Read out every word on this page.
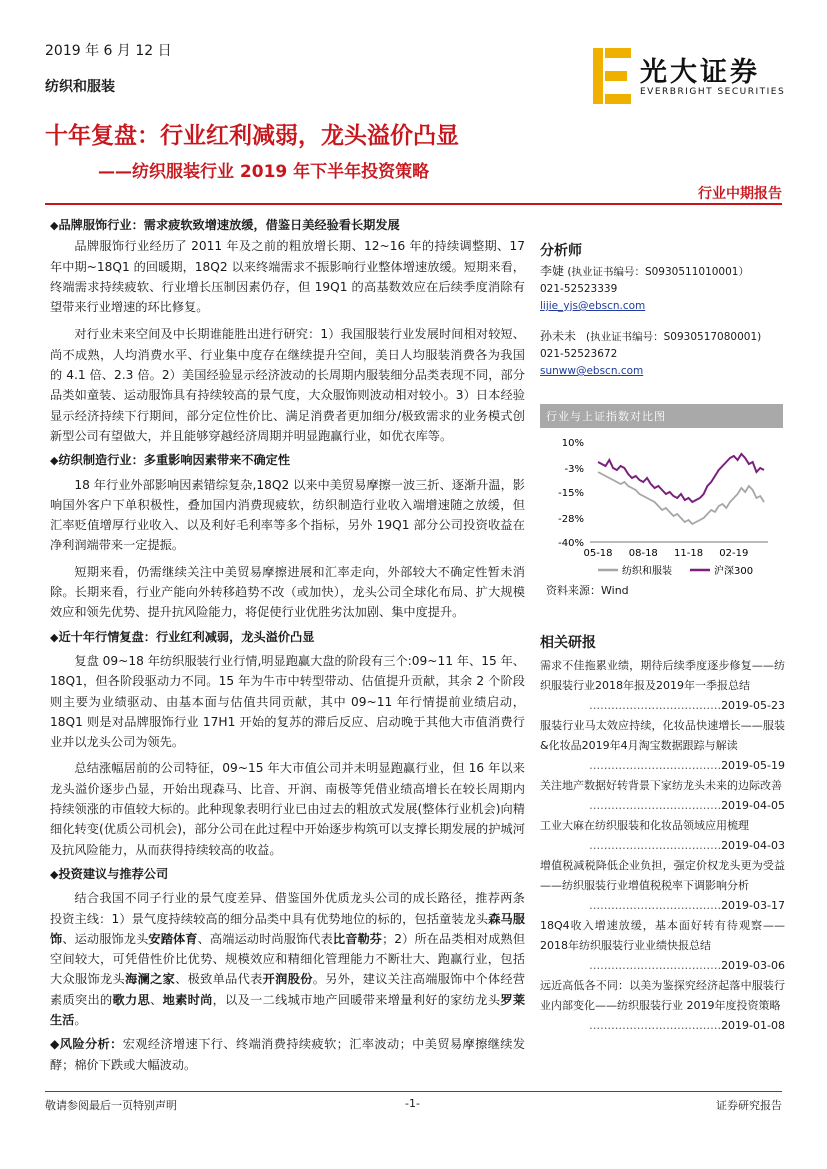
2019 年 6 月 12 日
纺织和服装	光大证券
EVERBRIGHT SECURITIES
十年复盘：行业红利减弱，龙头溢价凸显
——纺织服装行业 2019 年下半年投资策略
行业中期报告

◆品牌服饰行业：需求疲软致增速放缓，借鉴日美经验看长期发展

品牌服饰行业经历了 2011 年及之前的粗放增长期、12~16 年的持续调整期、17 年中期~18Q1 的回暖期，18Q2 以来终端需求不振影响行业整体增速放缓。短期来看，终端需求持续疲软、行业增长压制因素仍存，但 19Q1 的高基数效应在后续季度消除有望带来行业增速的环比修复。

对行业未来空间及中长期谁能胜出进行研究：1）我国服装行业发展时间相对较短、尚不成熟，人均消费水平、行业集中度存在继续提升空间，美日人均服装消费各为我国的 4.1 倍、2.3 倍。2）美国经验显示经济波动的长周期内服装细分品类表现不同，部分品类如童装、运动服饰具有持续较高的景气度，大众服饰则波动相对较小。3）日本经验显示经济持续下行期间，部分定位性价比、满足消费者更加细分/极致需求的业务模式创新型公司有望做大，并且能够穿越经济周期并明显跑赢行业，如优衣库等。

◆纺织制造行业：多重影响因素带来不确定性

18 年行业外部影响因素错综复杂,18Q2 以来中美贸易摩擦一波三折、逐渐升温，影响国外客户下单积极性，叠加国内消费现疲软，纺织制造行业收入端增速随之放缓，但汇率贬值增厚行业收入、以及利好毛利率等多个指标，另外 19Q1 部分公司投资收益在净利润端带来一定提振。

短期来看，仍需继续关注中美贸易摩擦进展和汇率走向，外部较大不确定性暂未消除。长期来看，行业产能向外转移趋势不改（或加快），龙头公司全球化布局、扩大规模效应和领先优势、提升抗风险能力，将促使行业优胜劣汰加剧、集中度提升。

◆近十年行情复盘：行业红利减弱，龙头溢价凸显

复盘 09~18 年纺织服装行业行情,明显跑赢大盘的阶段有三个:09~11 年、15 年、18Q1，但各阶段驱动力不同。15 年为牛市中转型带动、估值提升贡献，其余 2 个阶段则主要为业绩驱动、由基本面与估值共同贡献，其中 09~11 年行情提前业绩启动，18Q1 则是对品牌服饰行业 17H1 开始的复苏的滞后反应、启动晚于其他大市值消费行业并以龙头公司为领先。

总结涨幅居前的公司特征，09~15 年大市值公司并未明显跑赢行业，但 16 年以来龙头溢价逐步凸显，开始出现森马、比音、开润、南极等凭借业绩高增长在较长周期内持续领涨的市值较大标的。此种现象表明行业已由过去的粗放式发展(整体行业机会)向精细化转变(优质公司机会)，部分公司在此过程中开始逐步构筑可以支撑长期发展的护城河及抗风险能力，从而获得持续较高的收益。

◆投资建议与推荐公司

结合我国不同子行业的景气度差异、借鉴国外优质龙头公司的成长路径，推荐两条投资主线：1）景气度持续较高的细分品类中具有优势地位的标的，包括童装龙头森马服饰、运动服饰龙头安踏体育、高端运动时尚服饰代表比音勒芬；2）所在品类相对成熟但空间较大，可凭借性价比优势、规模效应和精细化管理能力不断壮大、跑赢行业，包括大众服饰龙头海澜之家、极致单品代表开润股份。另外，建议关注高端服饰中个体经营素质突出的歌力思、地素时尚，以及一二线城市地产回暖带来增量利好的家纺龙头罗莱生活。

◆风险分析：宏观经济增速下行、终端消费持续疲软；汇率波动；中美贸易摩擦继续发酵；棉价下跌或大幅波动。

分析师
李婕 (执业证书编号：S0930511010001）
021-52523339
lijie_yjs@ebscn.com
孙未未 (执业证书编号：S0930517080001)
021-52523672
sunww@ebscn.com
行业与上证指数对比图
10%
-3%
-15%
-28%
-40%
05-18 08-18 11-18 02-19
纺织和服装	沪深300
资料来源：Wind
相关研报
需求不佳拖累业绩，期待后续季度逐步修复——纺织服装行业2018年报及2019年一季报总结
………………………………2019-05-23
服装行业马太效应持续，化妆品快速增长——服装&化妆品2019年4月淘宝数据跟踪与解读
………………………………2019-05-19
关注地产数据好转背景下家纺龙头未来的边际改善
………………………………2019-04-05
工业大麻在纺织服装和化妆品领域应用梳理
………………………………2019-04-03
增值税减税降低企业负担，强定价权龙头更为受益——纺织服装行业增值税税率下调影响分析
………………………………2019-03-17
18Q4收入增速放缓，基本面好转有待观察——2018年纺织服装行业业绩快报总结
………………………………2019-03-06
远近高低各不同：以美为鉴探究经济起落中服装行业内部变化——纺织服装行业 2019年度投资策略
………………………………2019-01-08
敬请参阅最后一页特别声明	-1-	证券研究报告
